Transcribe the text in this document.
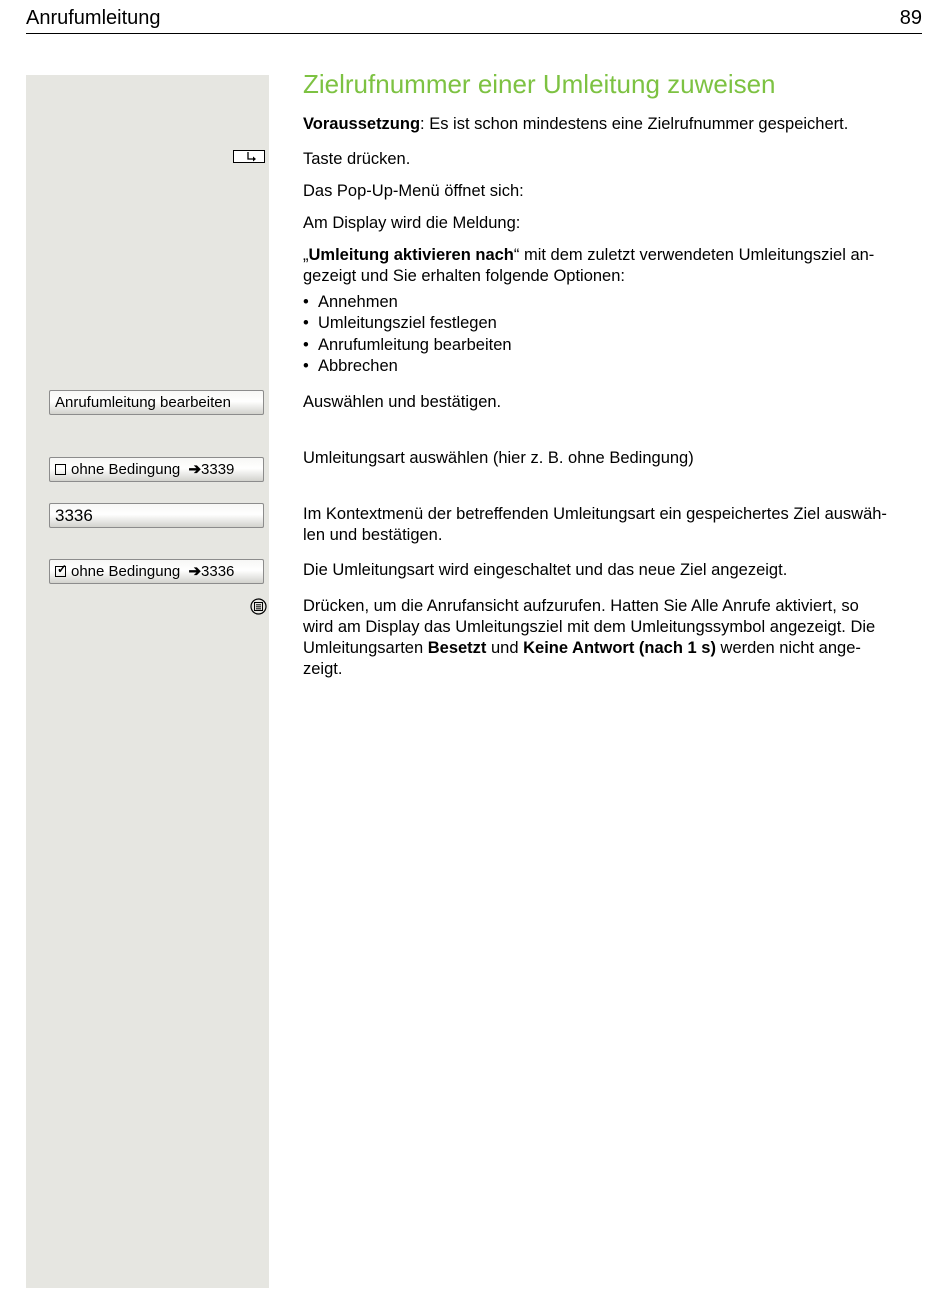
Anrufumleitung	89
Zielrufnummer einer Umleitung zuweisen
Voraussetzung: Es ist schon mindestens eine Zielrufnummer gespeichert.
Taste drücken.
Das Pop-Up-Menü öffnet sich:
Am Display wird die Meldung:
„Umleitung aktivieren nach“ mit dem zuletzt verwendeten Umleitungsziel an-
gezeigt und Sie erhalten folgende Optionen:
• Annehmen
• Umleitungsziel festlegen
• Anrufumleitung bearbeiten
• Abbrechen
Anrufumleitung bearbeiten	Auswählen und bestätigen.
ohne Bedingung ➔3339
Umleitungsart auswählen (hier z. B. ohne Bedingung)
3336	Im Kontextmenü der betreffenden Umleitungsart ein gespeichertes Ziel auswäh-
len und bestätigen.
✓ ohne Bedingung ➔3336	Die Umleitungsart wird eingeschaltet und das neue Ziel angezeigt.
Drücken, um die Anrufansicht aufzurufen. Hatten Sie Alle Anrufe aktiviert, so
wird am Display das Umleitungsziel mit dem Umleitungssymbol angezeigt. Die
Umleitungsarten Besetzt und Keine Antwort (nach 1 s) werden nicht ange-
zeigt.
